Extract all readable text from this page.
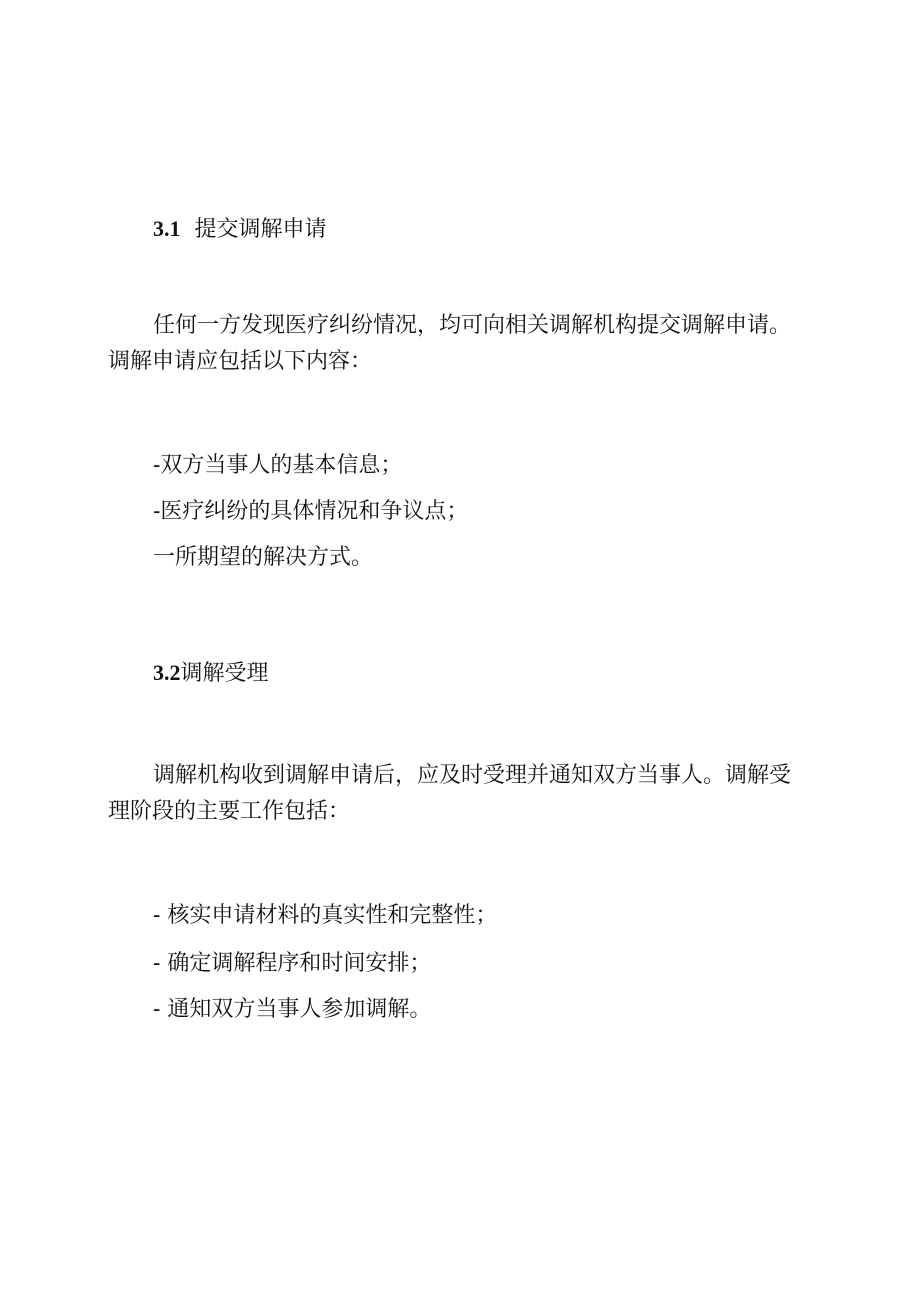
3.1 提交调解申请

任何一方发现医疗纠纷情况，均可向相关调解机构提交调解申请。调解申请应包括以下内容：

-双方当事人的基本信息；

-医疗纠纷的具体情况和争议点；

一所期望的解决方式。

3.2调解受理

调解机构收到调解申请后，应及时受理并通知双方当事人。调解受理阶段的主要工作包括：

- 核实申请材料的真实性和完整性；

- 确定调解程序和时间安排；

- 通知双方当事人参加调解。
